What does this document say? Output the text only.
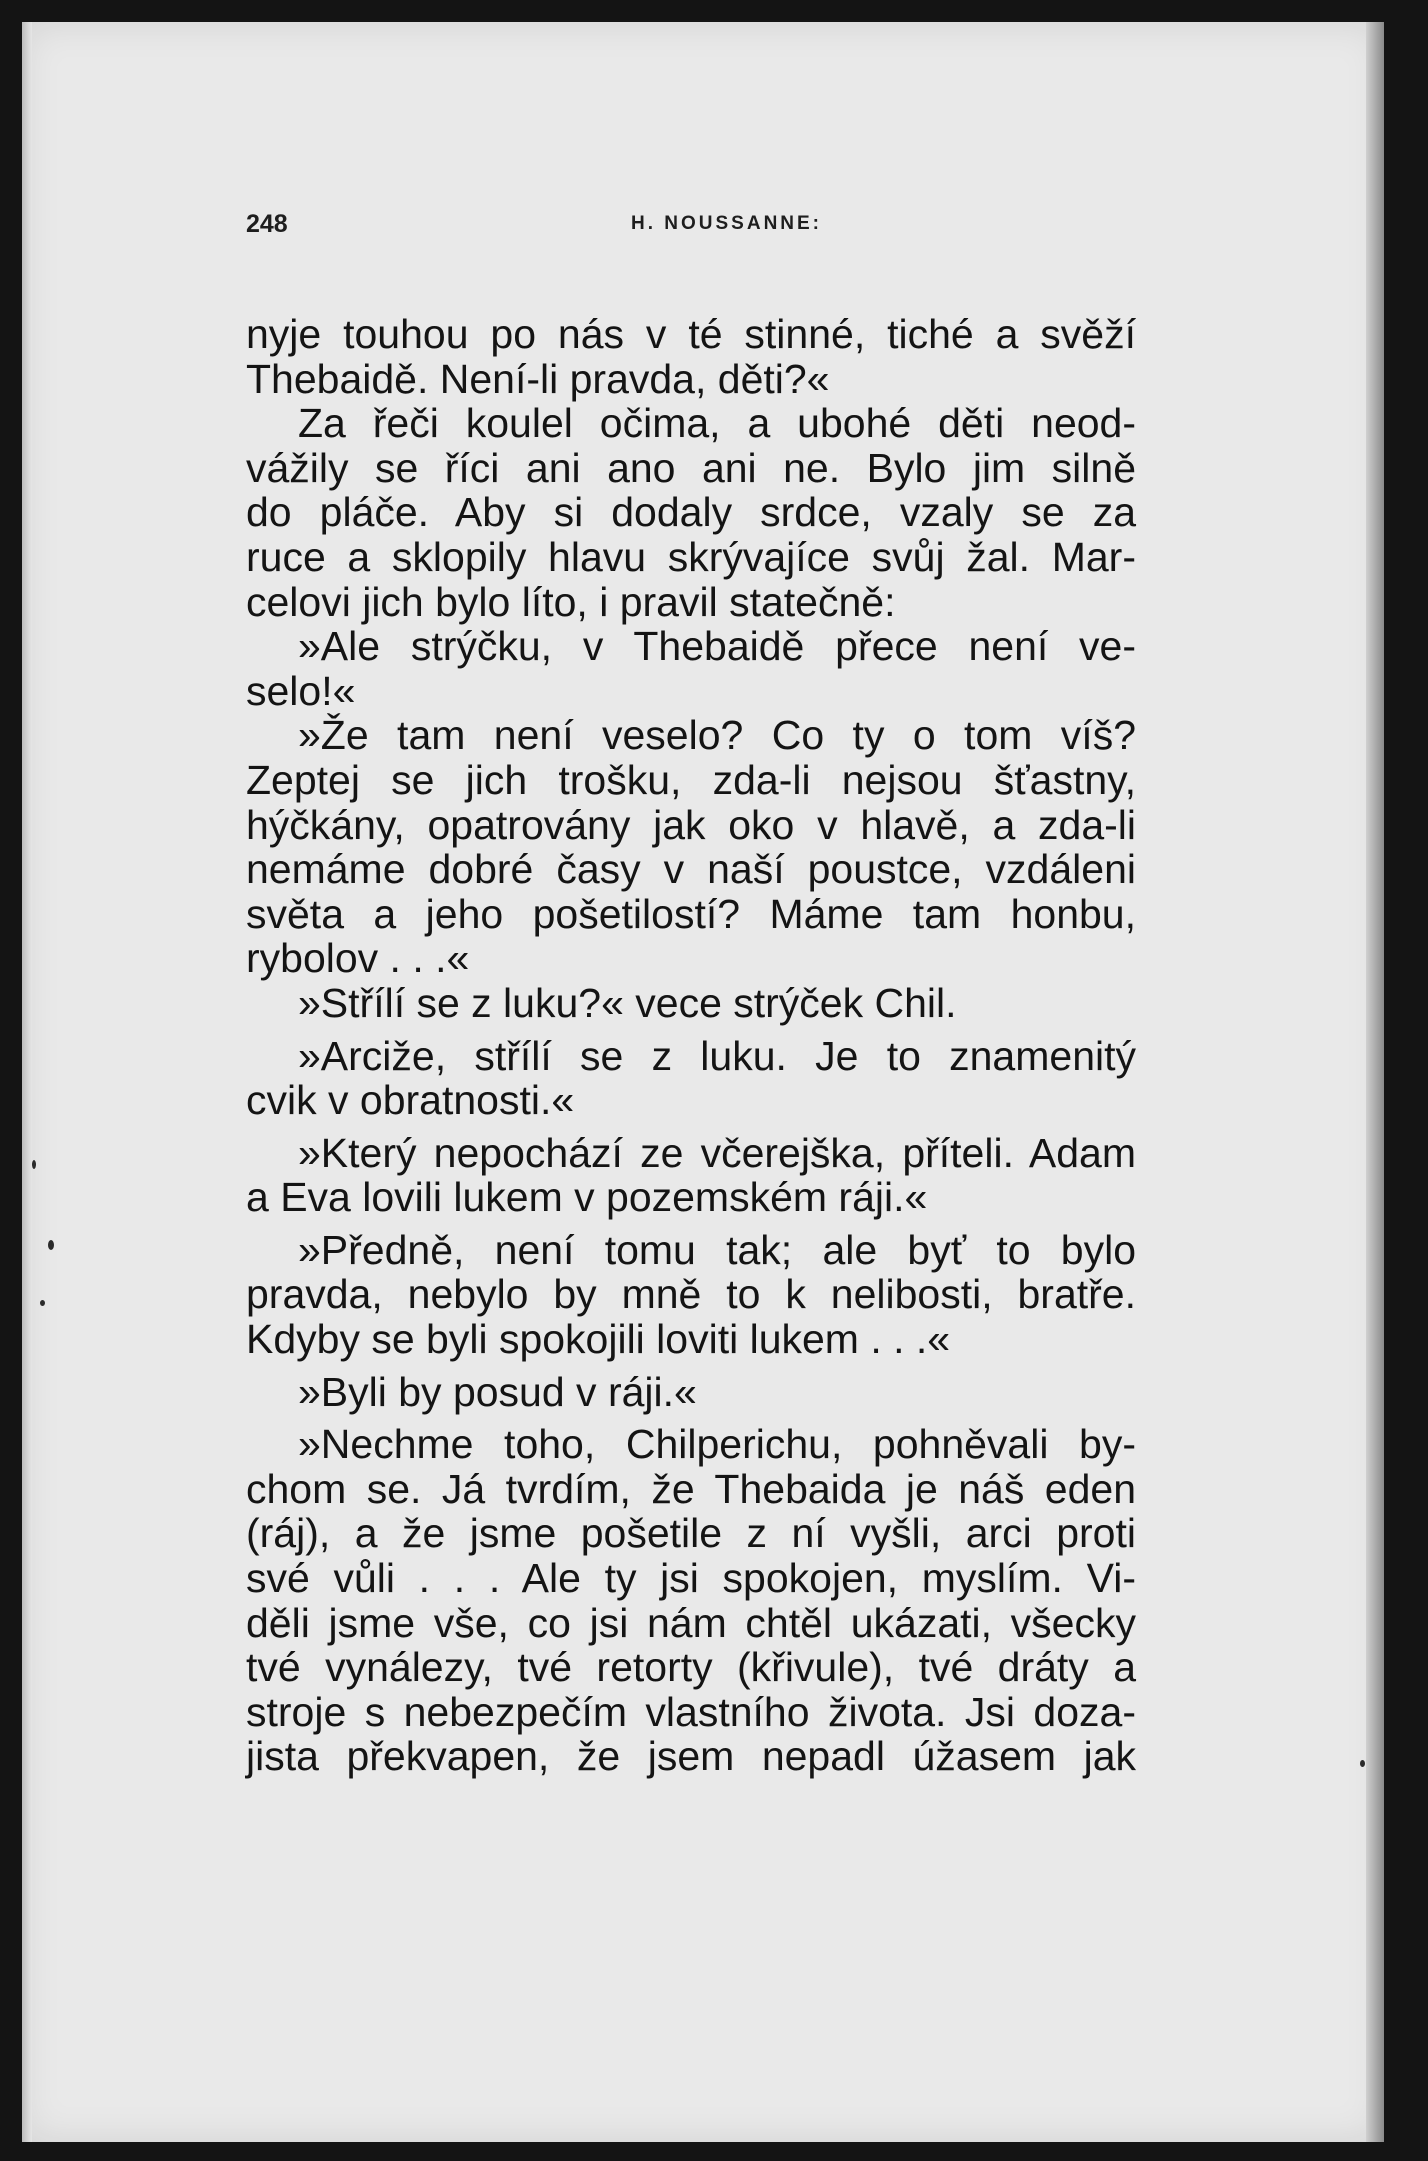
248	H. NOUSSANNE:
nyje touhou po nás v té stinné, tiché a svěží
Thebaidě. Není-li pravda, děti?«
Za řeči koulel očima, a ubohé děti neod-
vážily se říci ani ano ani ne. Bylo jim silně
do pláče. Aby si dodaly srdce, vzaly se za
ruce a sklopily hlavu skrývajíce svůj žal. Mar-
celovi jich bylo líto, i pravil statečně:
»Ale strýčku, v Thebaidě přece není ve-
selo!«
»Že tam není veselo? Co ty o tom víš?
Zeptej se jich trošku, zda-li nejsou šťastny,
hýčkány, opatrovány jak oko v hlavě, a zda-li
nemáme dobré časy v naší poustce, vzdáleni
světa a jeho pošetilostí? Máme tam honbu,
rybolov . . .«
»Střílí se z luku?« vece strýček Chil.
»Arciže, střílí se z luku. Je to znamenitý
cvik v obratnosti.«
»Který nepochází ze včerejška, příteli. Adam
a Eva lovili lukem v pozemském ráji.«
»Předně, není tomu tak; ale byť to bylo
pravda, nebylo by mně to k nelibosti, bratře.
Kdyby se byli spokojili loviti lukem . . .«
»Byli by posud v ráji.«
»Nechme toho, Chilperichu, pohněvali by-
chom se. Já tvrdím, že Thebaida je náš eden
(ráj), a že jsme pošetile z ní vyšli, arci proti
své vůli . . . Ale ty jsi spokojen, myslím. Vi-
děli jsme vše, co jsi nám chtěl ukázati, všecky
tvé vynálezy, tvé retorty (křivule), tvé dráty a
stroje s nebezpečím vlastního života. Jsi doza-
jista překvapen, že jsem nepadl úžasem jak
